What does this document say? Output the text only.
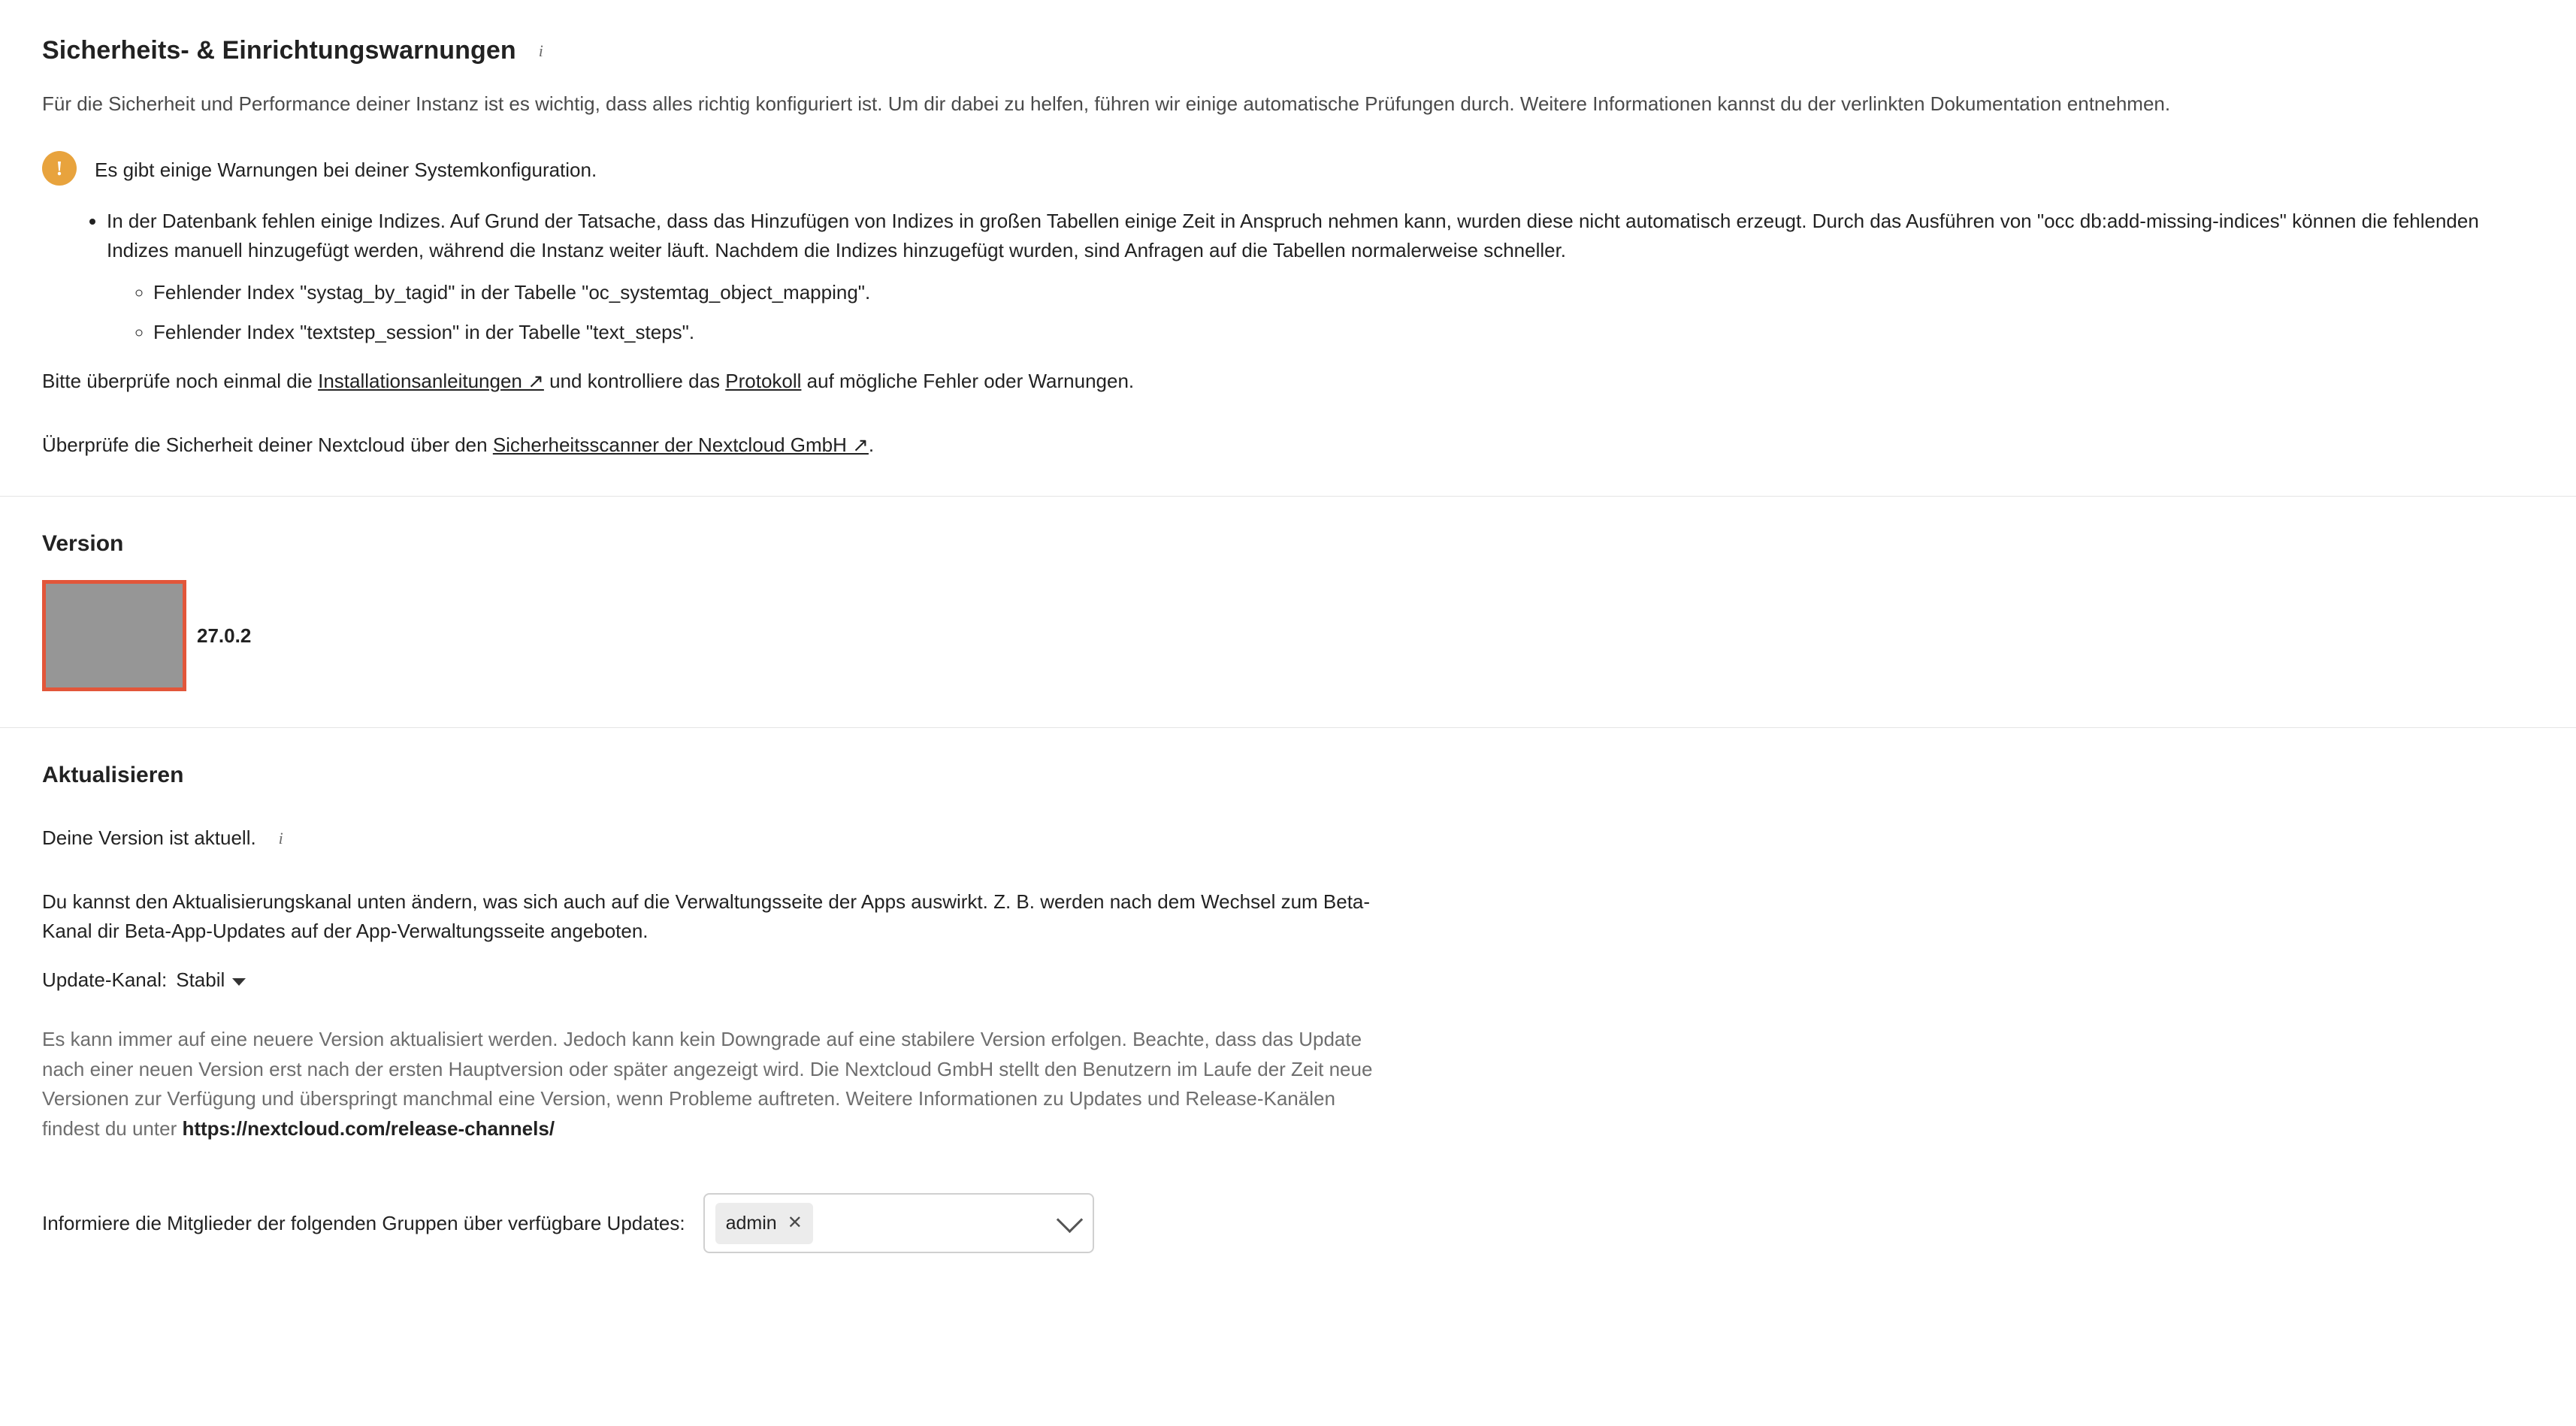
Sicherheits- & Einrichtungswarnungen	i

Für die Sicherheit und Performance deiner Instanz ist es wichtig, dass alles richtig konfiguriert ist. Um dir dabei zu helfen, führen wir einige automatische Prüfungen durch. Weitere Informationen kannst du der verlinkten Dokumentation entnehmen.

!	Es gibt einige Warnungen bei deiner Systemkonfiguration.
• In der Datenbank fehlen einige Indizes. Auf Grund der Tatsache, dass das Hinzufügen von Indizes in großen Tabellen einige Zeit in Anspruch nehmen kann, wurden diese nicht automatisch erzeugt. Durch das Ausführen von "occ db:add-missing-indices" können die fehlenden Indizes manuell hinzugefügt werden, während die Instanz weiter läuft. Nachdem die Indizes hinzugefügt wurden, sind Anfragen auf die Tabellen normalerweise schneller.
◦ Fehlender Index "systag_by_tagid" in der Tabelle "oc_systemtag_object_mapping".
◦ Fehlender Index "textstep_session" in der Tabelle "text_steps".

Bitte überprüfe noch einmal die Installationsanleitungen ↗ und kontrolliere das Protokoll auf mögliche Fehler oder Warnungen.

Überprüfe die Sicherheit deiner Nextcloud über den Sicherheitsscanner der Nextcloud GmbH ↗.

Version
27.0.2
Aktualisieren
Deine Version ist aktuell.	i

Du kannst den Aktualisierungskanal unten ändern, was sich auch auf die Verwaltungsseite der Apps auswirkt. Z. B. werden nach dem Wechsel zum Beta-Kanal dir Beta-App-Updates auf der App-Verwaltungsseite angeboten.

Update-Kanal: Stabil

Es kann immer auf eine neuere Version aktualisiert werden. Jedoch kann kein Downgrade auf eine stabilere Version erfolgen. Beachte, dass das Update nach einer neuen Version erst nach der ersten Hauptversion oder später angezeigt wird. Die Nextcloud GmbH stellt den Benutzern im Laufe der Zeit neue Versionen zur Verfügung und überspringt manchmal eine Version, wenn Probleme auftreten. Weitere Informationen zu Updates und Release-Kanälen findest du unter https://nextcloud.com/release-channels/

Informiere die Mitglieder der folgenden Gruppen über verfügbare Updates: admin ✕
